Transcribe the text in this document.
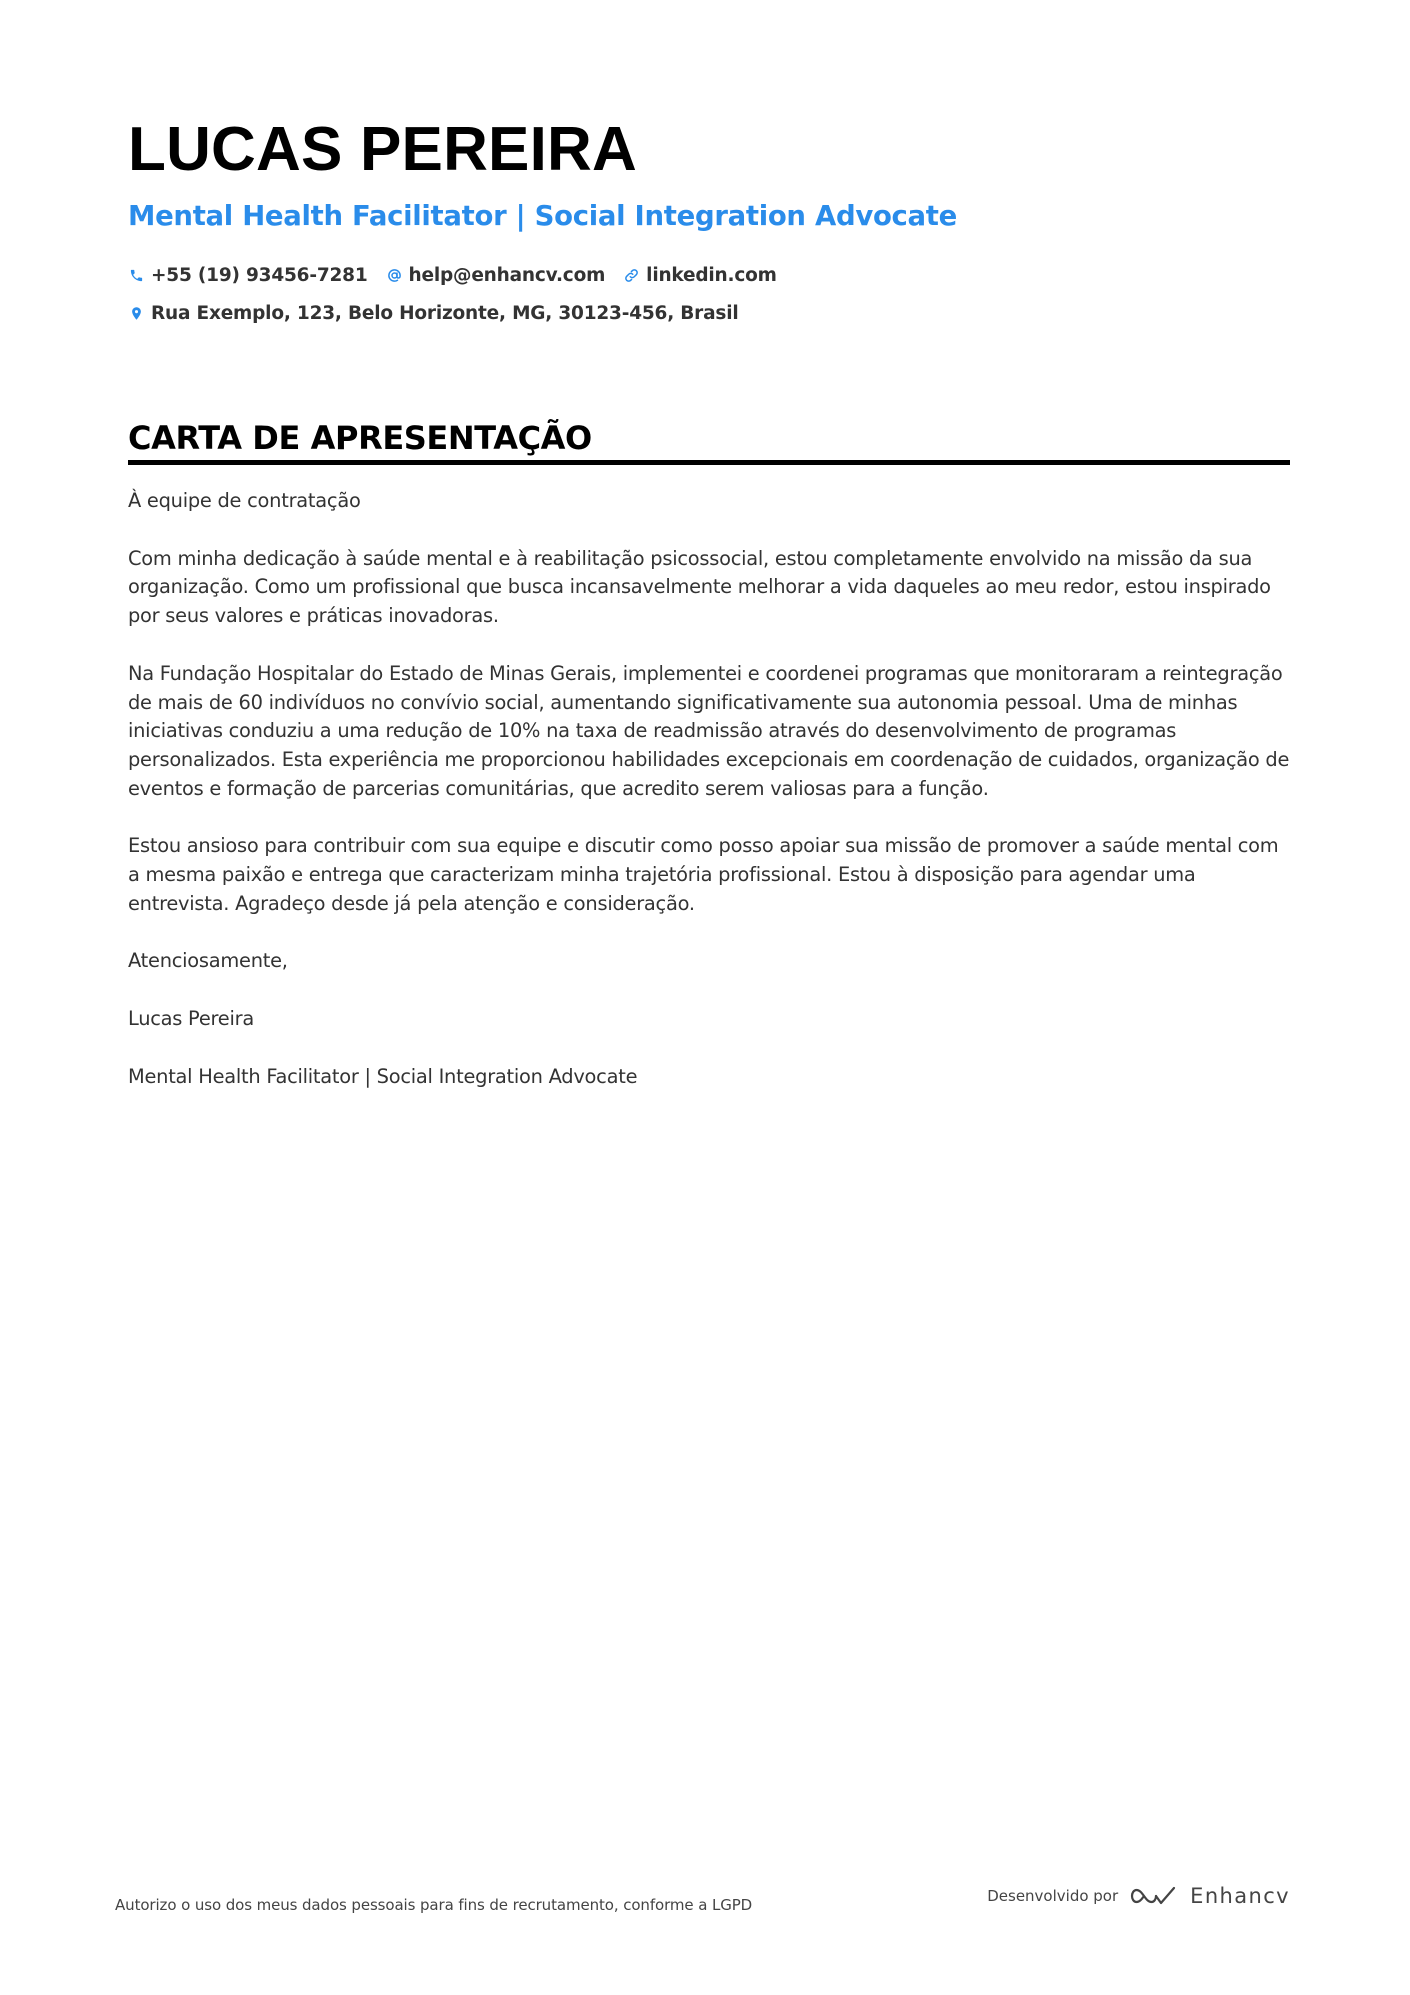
LUCAS PEREIRA
Mental Health Facilitator | Social Integration Advocate
+55 (19) 93456-7281 help@enhancv.com linkedin.com
Rua Exemplo, 123, Belo Horizonte, MG, 30123-456, Brasil
CARTA DE APRESENTAÇÃO

À equipe de contratação

Com minha dedicação à saúde mental e à reabilitação psicossocial, estou completamente envolvido na missão da sua organização. Como um profissional que busca incansavelmente melhorar a vida daqueles ao meu redor, estou inspirado por seus valores e práticas inovadoras.

Na Fundação Hospitalar do Estado de Minas Gerais, implementei e coordenei programas que monitoraram a reintegração de mais de 60 indivíduos no convívio social, aumentando significativamente sua autonomia pessoal. Uma de minhas iniciativas conduziu a uma redução de 10% na taxa de readmissão através do desenvolvimento de programas personalizados. Esta experiência me proporcionou habilidades excepcionais em coordenação de cuidados, organização de eventos e formação de parcerias comunitárias, que acredito serem valiosas para a função.

Estou ansioso para contribuir com sua equipe e discutir como posso apoiar sua missão de promover a saúde mental com a mesma paixão e entrega que caracterizam minha trajetória profissional. Estou à disposição para agendar uma entrevista. Agradeço desde já pela atenção e consideração.

Atenciosamente,

Lucas Pereira

Mental Health Facilitator | Social Integration Advocate

Autorizo o uso dos meus dados pessoais para fins de recrutamento, conforme a LGPD	Desenvolvido por	Enhancv
